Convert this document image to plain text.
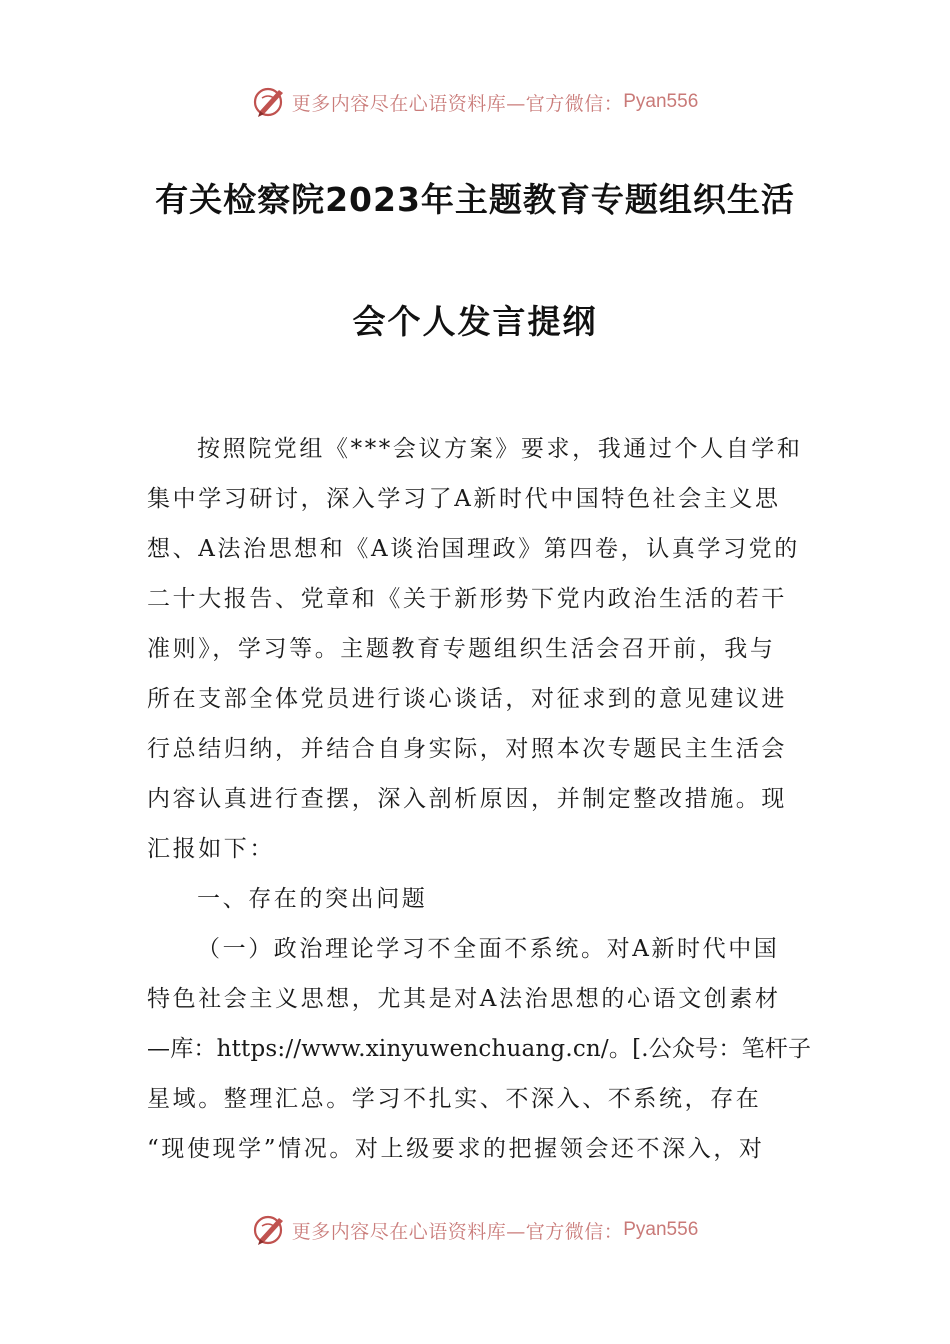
更多内容尽在心语资料库—官方微信： Pyan556
有关检察院2023年主题教育专题组织生活
会个人发言提纲
按照院党组《***会议方案》要求，我通过个人自学和
集中学习研讨，深入学习了A新时代中国特色社会主义思
想、A法治思想和《A谈治国理政》第四卷，认真学习党的
二十大报告、党章和《关于新形势下党内政治生活的若干
准则》，学习等。主题教育专题组织生活会召开前，我与
所在支部全体党员进行谈心谈话，对征求到的意见建议进
行总结归纳，并结合自身实际，对照本次专题民主生活会
内容认真进行查摆，深入剖析原因，并制定整改措施。现
汇报如下：
一、存在的突出问题
（一）政治理论学习不全面不系统。对A新时代中国
特色社会主义思想，尤其是对A法治思想的心语文创素材
—库：https://www.xinyuwenchuang.cn/。[.公众号：笔杆子
星域。整理汇总。学习不扎实、不深入、不系统，存在
“现使现学”情况。对上级要求的把握领会还不深入，对
更多内容尽在心语资料库—官方微信： Pyan556
